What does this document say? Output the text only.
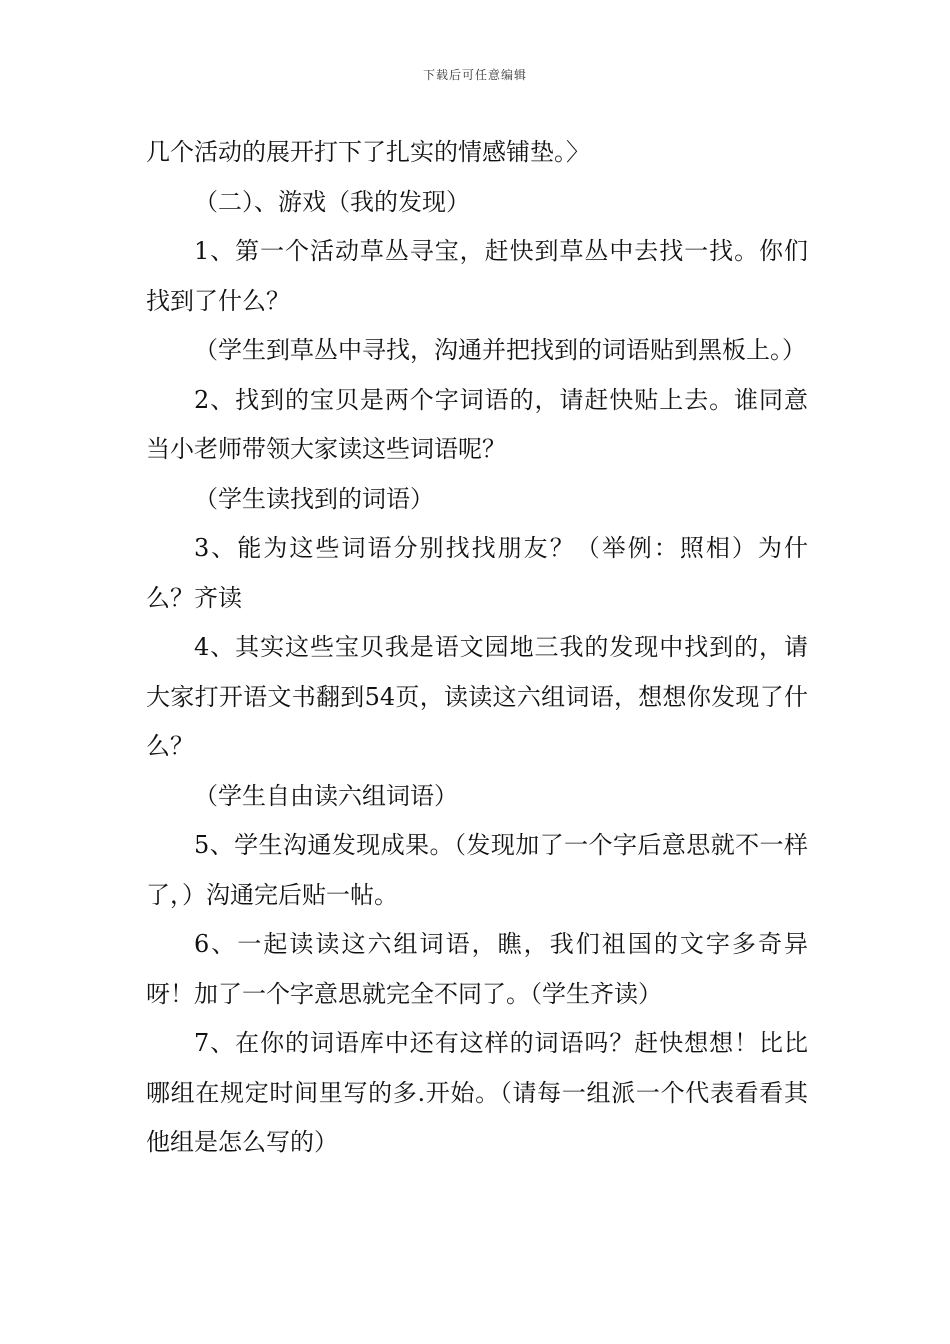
下载后可任意编辑

几个活动的展开打下了扎实的情感铺垫。〉

（二）、游戏（我的发现）

1、第一个活动草丛寻宝，赶快到草丛中去找一找。你们找到了什么？

（学生到草丛中寻找，沟通并把找到的词语贴到黑板上。）

2、找到的宝贝是两个字词语的，请赶快贴上去。谁同意当小老师带领大家读这些词语呢？

（学生读找到的词语）

3、能为这些词语分别找找朋友？（举例：照相）为什么？齐读

4、其实这些宝贝我是语文园地三我的发现中找到的，请大家打开语文书翻到54页，读读这六组词语，想想你发现了什么？

（学生自由读六组词语）

5、学生沟通发现成果。（发现加了一个字后意思就不一样了，）沟通完后贴一帖。

6、一起读读这六组词语，瞧，我们祖国的文字多奇异呀！加了一个字意思就完全不同了。（学生齐读）

7、在你的词语库中还有这样的词语吗？赶快想想！比比哪组在规定时间里写的多.开始。（请每一组派一个代表看看其他组是怎么写的）
